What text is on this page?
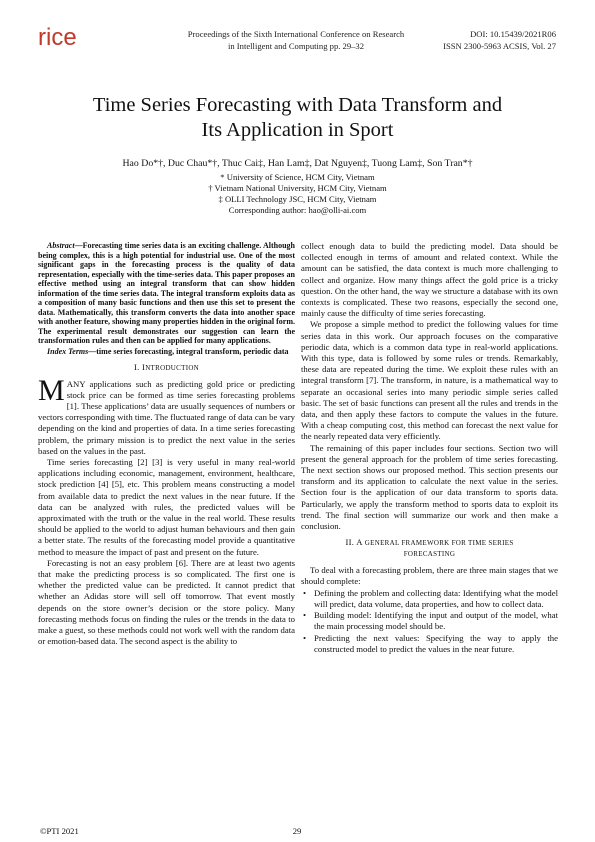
rice	Proceedings of the Sixth International Conference on Research
in Intelligent and Computing pp. 29–32
DOI: 10.15439/2021R06
ISSN 2300-5963 ACSIS, Vol. 27
Time Series Forecasting with Data Transform and
Its Application in Sport
Hao Do*†, Duc Chau*†, Thuc Cai‡, Han Lam‡, Dat Nguyen‡, Tuong Lam‡, Son Tran*†
* University of Science, HCM City, Vietnam
† Vietnam National University, HCM City, Vietnam
‡ OLLI Technology JSC, HCM City, Vietnam
Corresponding author: hao@olli-ai.com

Abstract—Forecasting time series data is an exciting challenge. Although being complex, this is a high potential for industrial use. One of the most significant gaps in the forecasting process is the quality of data representation, especially with the time-series data. This paper proposes an effective method using an integral transform that can show hidden information of the time series data. The integral transform exploits data as a composition of many basic functions and then use this set to present the data. Mathematically, this transform converts the data into another space with another feature, showing many properties hidden in the original form. The experimental result demonstrates our suggestion can learn the transformation rules and then can be applied for many applications.

Index Terms—time series forecasting, integral transform, periodic data

I. INTRODUCTION

MANY applications such as predicting gold price or predicting stock price can be formed as time series forecasting problems [1]. These applications’ data are usually sequences of numbers or vectors corresponding with time. The fluctuated range of data can be vary depending on the kind and properties of data. In a time series forecasting problem, the primary mission is to predict the next value in the series based on the values in the past.

Time series forecasting [2] [3] is very useful in many real-world applications including economic, management, environment, healthcare, stock prediction [4] [5], etc. This problem means constructing a model from available data to predict the next values in the near future. If the data can be analyzed with rules, the predicted values will be approximated with the truth or the value in the real world. These results should be applied to the world to adjust human behaviours and then gain a better state. The results of the forecasting model provide a quantitative method to measure the impact of past and present on the future.

Forecasting is not an easy problem [6]. There are at least two agents that make the predicting process is so complicated. The first one is whether the predicted value can be predicted. It cannot predict that whether an Adidas store will sell off tomorrow. That event mostly depends on the store owner’s decision or the store policy. Many forecasting methods focus on finding the rules or the trends in the data to make a guest, so these methods could not work well with the random data or emotion-based data. The second aspect is the ability to

collect enough data to build the predicting model. Data should be collected enough in terms of amount and related context. While the amount can be satisfied, the data context is much more challenging to collect and organize. How many things affect the gold price is a tricky question. On the other hand, the way we structure a database with its own contexts is complicated. These two reasons, especially the second one, mainly cause the difficulty of time series forecasting.

We propose a simple method to predict the following values for time series data in this work. Our approach focuses on the comparative periodic data, which is a common data type in real-world applications. With this type, data is followed by some rules or trends. Remarkably, these data are repeated during the time. We exploit these rules with an integral transform [7]. The transform, in nature, is a mathematical way to separate an occasional series into many periodic simple series called basic. The set of basic functions can present all the rules and trends in the data, and then apply these factors to compute the values in the future. With a cheap computing cost, this method can forecast the next value for the nearly repeated data very efficiently.

The remaining of this paper includes four sections. Section two will present the general approach for the problem of time series forecasting. The next section shows our proposed method. This section presents our transform and its application to calculate the next value in the series. Section four is the application of our data transform to sports data. Particularly, we apply the transform method to sports data to exploit its trend. The final section will summarize our work and then make a conclusion.

II. A GENERAL FRAMEWORK FOR TIME SERIES
FORECASTING

To deal with a forecasting problem, there are three main stages that we should complete:

• Defining the problem and collecting data: Identifying what the model will predict, data volume, data properties, and how to collect data.
• Building model: Identifying the input and output of the model, what the main processing model should be.
• Predicting the next values: Specifying the way to apply the constructed model to predict the values in the near future.
©PTI 2021	29
